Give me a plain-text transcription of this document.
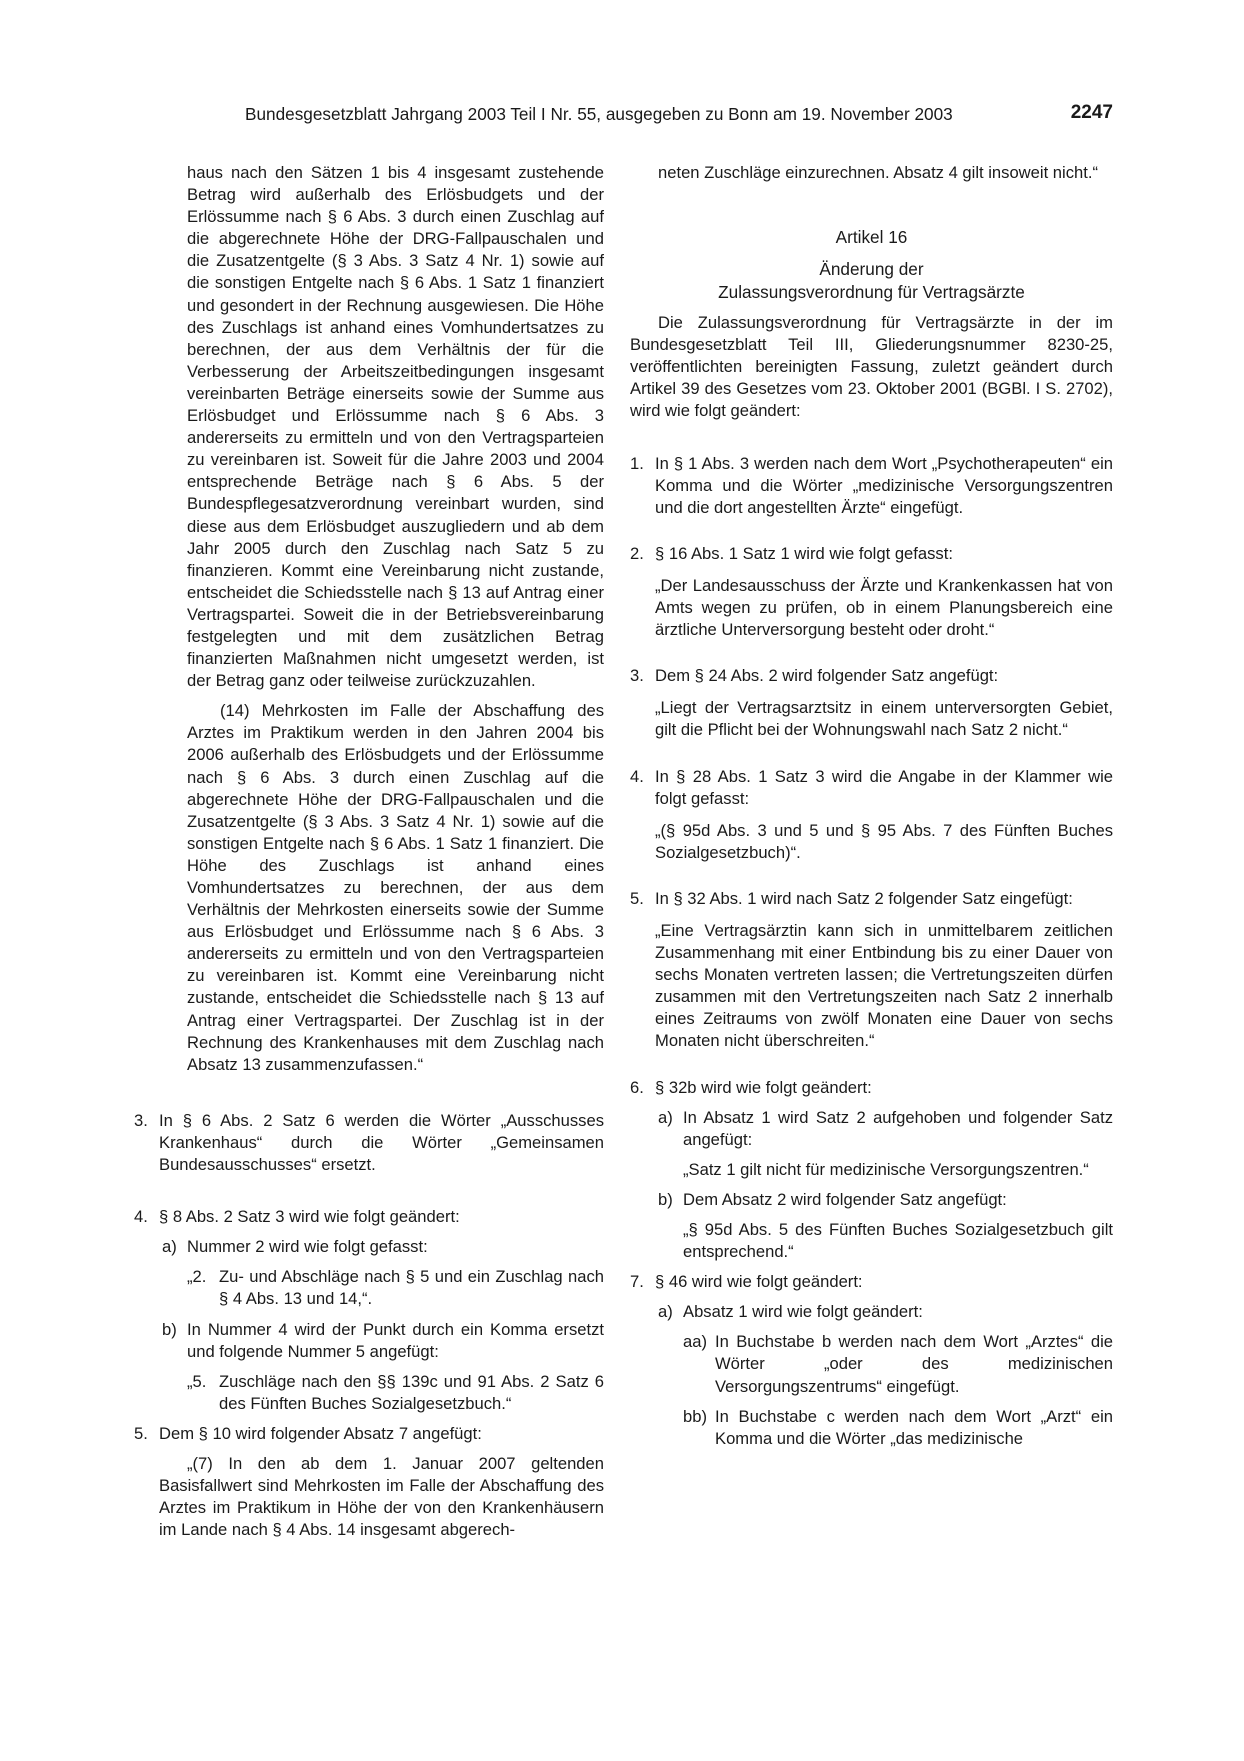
Bundesgesetzblatt Jahrgang 2003 Teil I Nr. 55, ausgegeben zu Bonn am 19. November 2003	2247

haus nach den Sätzen 1 bis 4 insgesamt zustehende Betrag wird außerhalb des Erlösbudgets und der Erlössumme nach § 6 Abs. 3 durch einen Zuschlag auf die abgerechnete Höhe der DRG-Fallpauschalen und die Zusatzentgelte (§ 3 Abs. 3 Satz 4 Nr. 1) sowie auf die sonstigen Entgelte nach § 6 Abs. 1 Satz 1 finanziert und gesondert in der Rechnung ausgewiesen. Die Höhe des Zuschlags ist anhand eines Vomhundertsatzes zu berechnen, der aus dem Verhältnis der für die Verbesserung der Arbeitszeitbedingungen insgesamt vereinbarten Beträge einerseits sowie der Summe aus Erlösbudget und Erlössumme nach § 6 Abs. 3 andererseits zu ermitteln und von den Vertragsparteien zu vereinbaren ist. Soweit für die Jahre 2003 und 2004 entsprechende Beträge nach § 6 Abs. 5 der Bundespflegesatzverordnung vereinbart wurden, sind diese aus dem Erlösbudget auszugliedern und ab dem Jahr 2005 durch den Zuschlag nach Satz 5 zu finanzieren. Kommt eine Vereinbarung nicht zustande, entscheidet die Schiedsstelle nach § 13 auf Antrag einer Vertragspartei. Soweit die in der Betriebsvereinbarung festgelegten und mit dem zusätzlichen Betrag finanzierten Maßnahmen nicht umgesetzt werden, ist der Betrag ganz oder teilweise zurückzuzahlen.

(14) Mehrkosten im Falle der Abschaffung des Arztes im Praktikum werden in den Jahren 2004 bis 2006 außerhalb des Erlösbudgets und der Erlössumme nach § 6 Abs. 3 durch einen Zuschlag auf die abgerechnete Höhe der DRG-Fallpauschalen und die Zusatzentgelte (§ 3 Abs. 3 Satz 4 Nr. 1) sowie auf die sonstigen Entgelte nach § 6 Abs. 1 Satz 1 finanziert. Die Höhe des Zuschlags ist anhand eines Vomhundertsatzes zu berechnen, der aus dem Verhältnis der Mehrkosten einerseits sowie der Summe aus Erlösbudget und Erlössumme nach § 6 Abs. 3 andererseits zu ermitteln und von den Vertragsparteien zu vereinbaren ist. Kommt eine Vereinbarung nicht zustande, entscheidet die Schiedsstelle nach § 13 auf Antrag einer Vertragspartei. Der Zuschlag ist in der Rechnung des Krankenhauses mit dem Zuschlag nach Absatz 13 zusammenzufassen.“

3. In § 6 Abs. 2 Satz 6 werden die Wörter „Ausschusses Krankenhaus“ durch die Wörter „Gemeinsamen Bundesausschusses“ ersetzt.

4. § 8 Abs. 2 Satz 3 wird wie folgt geändert:

a) Nummer 2 wird wie folgt gefasst:

„2. Zu- und Abschläge nach § 5 und ein Zuschlag nach § 4 Abs. 13 und 14,“.

b) In Nummer 4 wird der Punkt durch ein Komma ersetzt und folgende Nummer 5 angefügt:

„5. Zuschläge nach den §§ 139c und 91 Abs. 2 Satz 6 des Fünften Buches Sozialgesetzbuch.“

5. Dem § 10 wird folgender Absatz 7 angefügt:

„(7) In den ab dem 1. Januar 2007 geltenden Basisfallwert sind Mehrkosten im Falle der Abschaffung des Arztes im Praktikum in Höhe der von den Krankenhäusern im Lande nach § 4 Abs. 14 insgesamt abgerech-

neten Zuschläge einzurechnen. Absatz 4 gilt insoweit nicht.“

Artikel 16

Änderung der

Zulassungsverordnung für Vertragsärzte

Die Zulassungsverordnung für Vertragsärzte in der im Bundesgesetzblatt Teil III, Gliederungsnummer 8230-25, veröffentlichten bereinigten Fassung, zuletzt geändert durch Artikel 39 des Gesetzes vom 23. Oktober 2001 (BGBl. I S. 2702), wird wie folgt geändert:

1. In § 1 Abs. 3 werden nach dem Wort „Psychotherapeuten“ ein Komma und die Wörter „medizinische Versorgungszentren und die dort angestellten Ärzte“ eingefügt.

2. § 16 Abs. 1 Satz 1 wird wie folgt gefasst:

„Der Landesausschuss der Ärzte und Krankenkassen hat von Amts wegen zu prüfen, ob in einem Planungsbereich eine ärztliche Unterversorgung besteht oder droht.“

3. Dem § 24 Abs. 2 wird folgender Satz angefügt:

„Liegt der Vertragsarztsitz in einem unterversorgten Gebiet, gilt die Pflicht bei der Wohnungswahl nach Satz 2 nicht.“

4. In § 28 Abs. 1 Satz 3 wird die Angabe in der Klammer wie folgt gefasst:

„(§ 95d Abs. 3 und 5 und § 95 Abs. 7 des Fünften Buches Sozialgesetzbuch)“.

5. In § 32 Abs. 1 wird nach Satz 2 folgender Satz eingefügt:

„Eine Vertragsärztin kann sich in unmittelbarem zeitlichen Zusammenhang mit einer Entbindung bis zu einer Dauer von sechs Monaten vertreten lassen; die Vertretungszeiten dürfen zusammen mit den Vertretungszeiten nach Satz 2 innerhalb eines Zeitraums von zwölf Monaten eine Dauer von sechs Monaten nicht überschreiten.“

6. § 32b wird wie folgt geändert:

a) In Absatz 1 wird Satz 2 aufgehoben und folgender Satz angefügt:

„Satz 1 gilt nicht für medizinische Versorgungszentren.“

b) Dem Absatz 2 wird folgender Satz angefügt:

„§ 95d Abs. 5 des Fünften Buches Sozialgesetzbuch gilt entsprechend.“

7. § 46 wird wie folgt geändert:

a) Absatz 1 wird wie folgt geändert:

aa) In Buchstabe b werden nach dem Wort „Arztes“ die Wörter „oder des medizinischen Versorgungszentrums“ eingefügt.

bb) In Buchstabe c werden nach dem Wort „Arzt“ ein Komma und die Wörter „das medizinische
